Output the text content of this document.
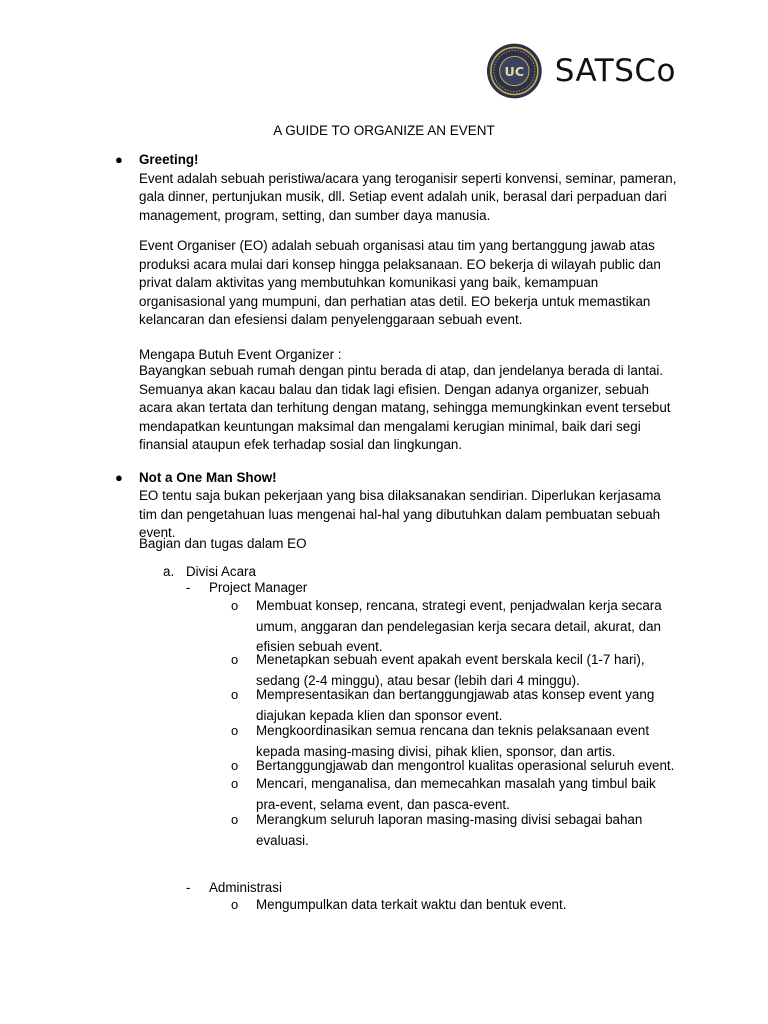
UC SATSCo
A GUIDE TO ORGANIZE AN EVENT
● Greeting!

Event adalah sebuah peristiwa/acara yang teroganisir seperti konvensi, seminar, pameran, gala dinner, pertunjukan musik, dll. Setiap event adalah unik, berasal dari perpaduan dari management, program, setting, dan sumber daya manusia.

Event Organiser (EO) adalah sebuah organisasi atau tim yang bertanggung jawab atas produksi acara mulai dari konsep hingga pelaksanaan. EO bekerja di wilayah public dan privat dalam aktivitas yang membutuhkan komunikasi yang baik, kemampuan organisasional yang mumpuni, dan perhatian atas detil. EO bekerja untuk memastikan kelancaran dan efesiensi dalam penyelenggaraan sebuah event.

Mengapa Butuh Event Organizer :

Bayangkan sebuah rumah dengan pintu berada di atap, dan jendelanya berada di lantai. Semuanya akan kacau balau dan tidak lagi efisien. Dengan adanya organizer, sebuah acara akan tertata dan terhitung dengan matang, sehingga memungkinkan event tersebut mendapatkan keuntungan maksimal dan mengalami kerugian minimal, baik dari segi finansial ataupun efek terhadap sosial dan lingkungan.

● Not a One Man Show!

EO tentu saja bukan pekerjaan yang bisa dilaksanakan sendirian. Diperlukan kerjasama tim dan pengetahuan luas mengenai hal-hal yang dibutuhkan dalam pembuatan sebuah event.

Bagian dan tugas dalam EO
a. Divisi Acara
- Project Manager
o Membuat konsep, rencana, strategi event, penjadwalan kerja secara umum, anggaran dan pendelegasian kerja secara detail, akurat, dan efisien sebuah event.

o Menetapkan sebuah event apakah event berskala kecil (1-7 hari), sedang (2-4 minggu), atau besar (lebih dari 4 minggu).

o Mempresentasikan dan bertanggungjawab atas konsep event yang diajukan kepada klien dan sponsor event.

o Mengkoordinasikan semua rencana dan teknis pelaksanaan event kepada masing-masing divisi, pihak klien, sponsor, dan artis.

o Bertanggungjawab dan mengontrol kualitas operasional seluruh event.

o Mencari, menganalisa, dan memecahkan masalah yang timbul baik pra-event, selama event, dan pasca-event.

o Merangkum seluruh laporan masing-masing divisi sebagai bahan evaluasi.

- Administrasi
o Mengumpulkan data terkait waktu dan bentuk event.
